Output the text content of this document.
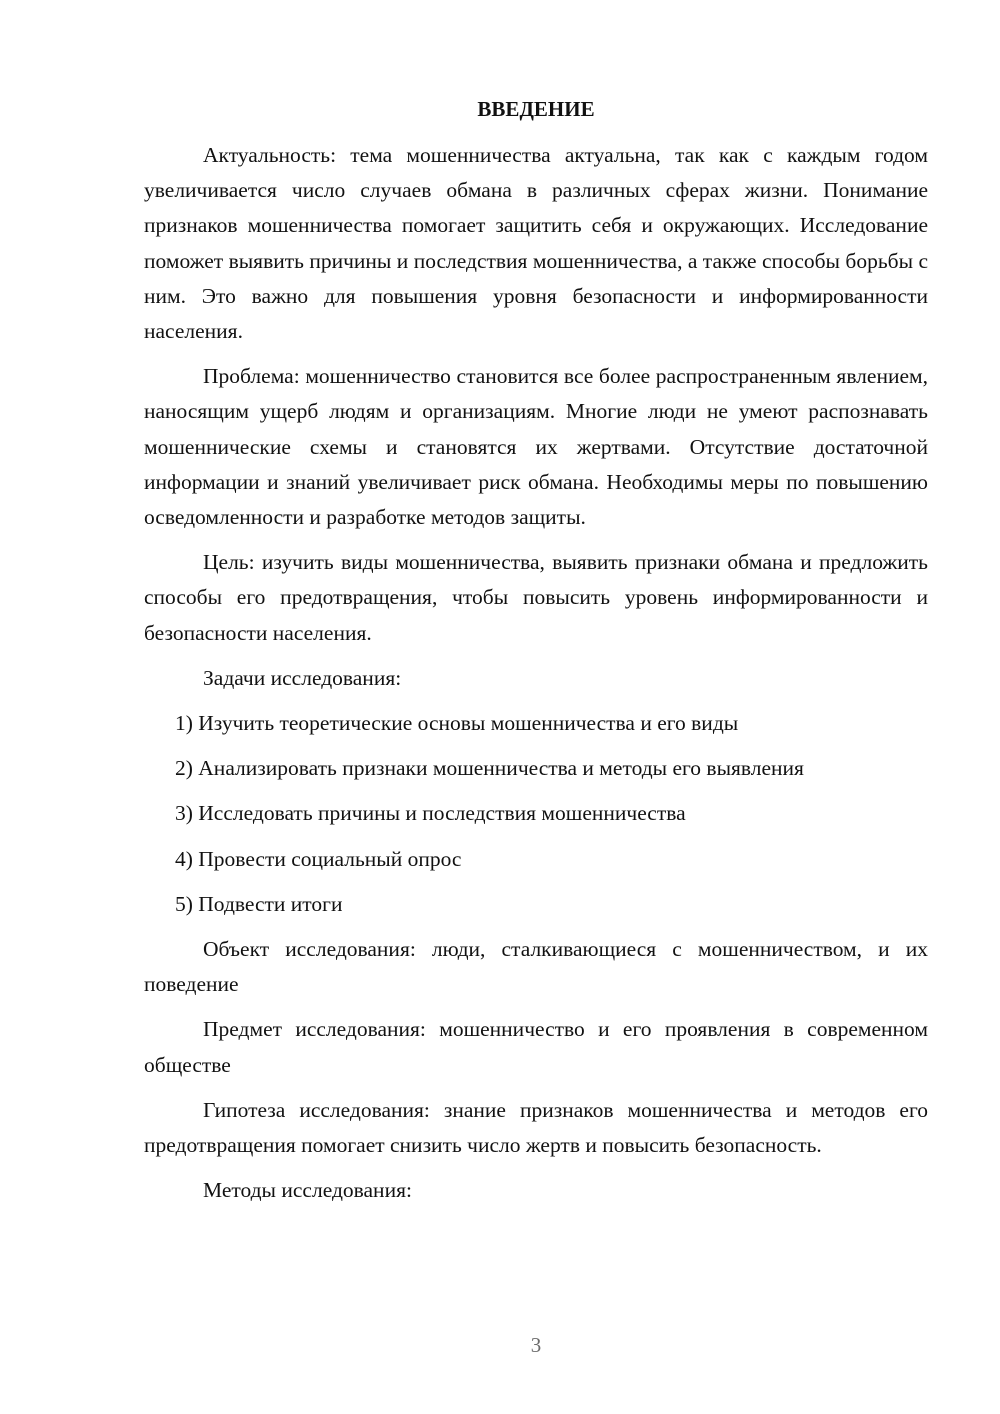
ВВЕДЕНИЕ

Актуальность: тема мошенничества актуальна, так как с каждым годом увеличивается число случаев обмана в различных сферах жизни. Понимание признаков мошенничества помогает защитить себя и окружающих. Исследование поможет выявить причины и последствия мошенничества, а также способы борьбы с ним. Это важно для повышения уровня безопасности и информированности населения.

Проблема: мошенничество становится все более распространенным явлением, наносящим ущерб людям и организациям. Многие люди не умеют распознавать мошеннические схемы и становятся их жертвами. Отсутствие достаточной информации и знаний увеличивает риск обмана. Необходимы меры по повышению осведомленности и разработке методов защиты.

Цель: изучить виды мошенничества, выявить признаки обмана и предложить способы его предотвращения, чтобы повысить уровень информированности и безопасности населения.

Задачи исследования:

1) Изучить теоретические основы мошенничества и его виды
2) Анализировать признаки мошенничества и методы его выявления
3) Исследовать причины и последствия мошенничества
4) Провести социальный опрос
5) Подвести итоги

Объект исследования: люди, сталкивающиеся с мошенничеством, и их поведение

Предмет исследования: мошенничество и его проявления в современном обществе

Гипотеза исследования: знание признаков мошенничества и методов его предотвращения помогает снизить число жертв и повысить безопасность.

Методы исследования:

3
